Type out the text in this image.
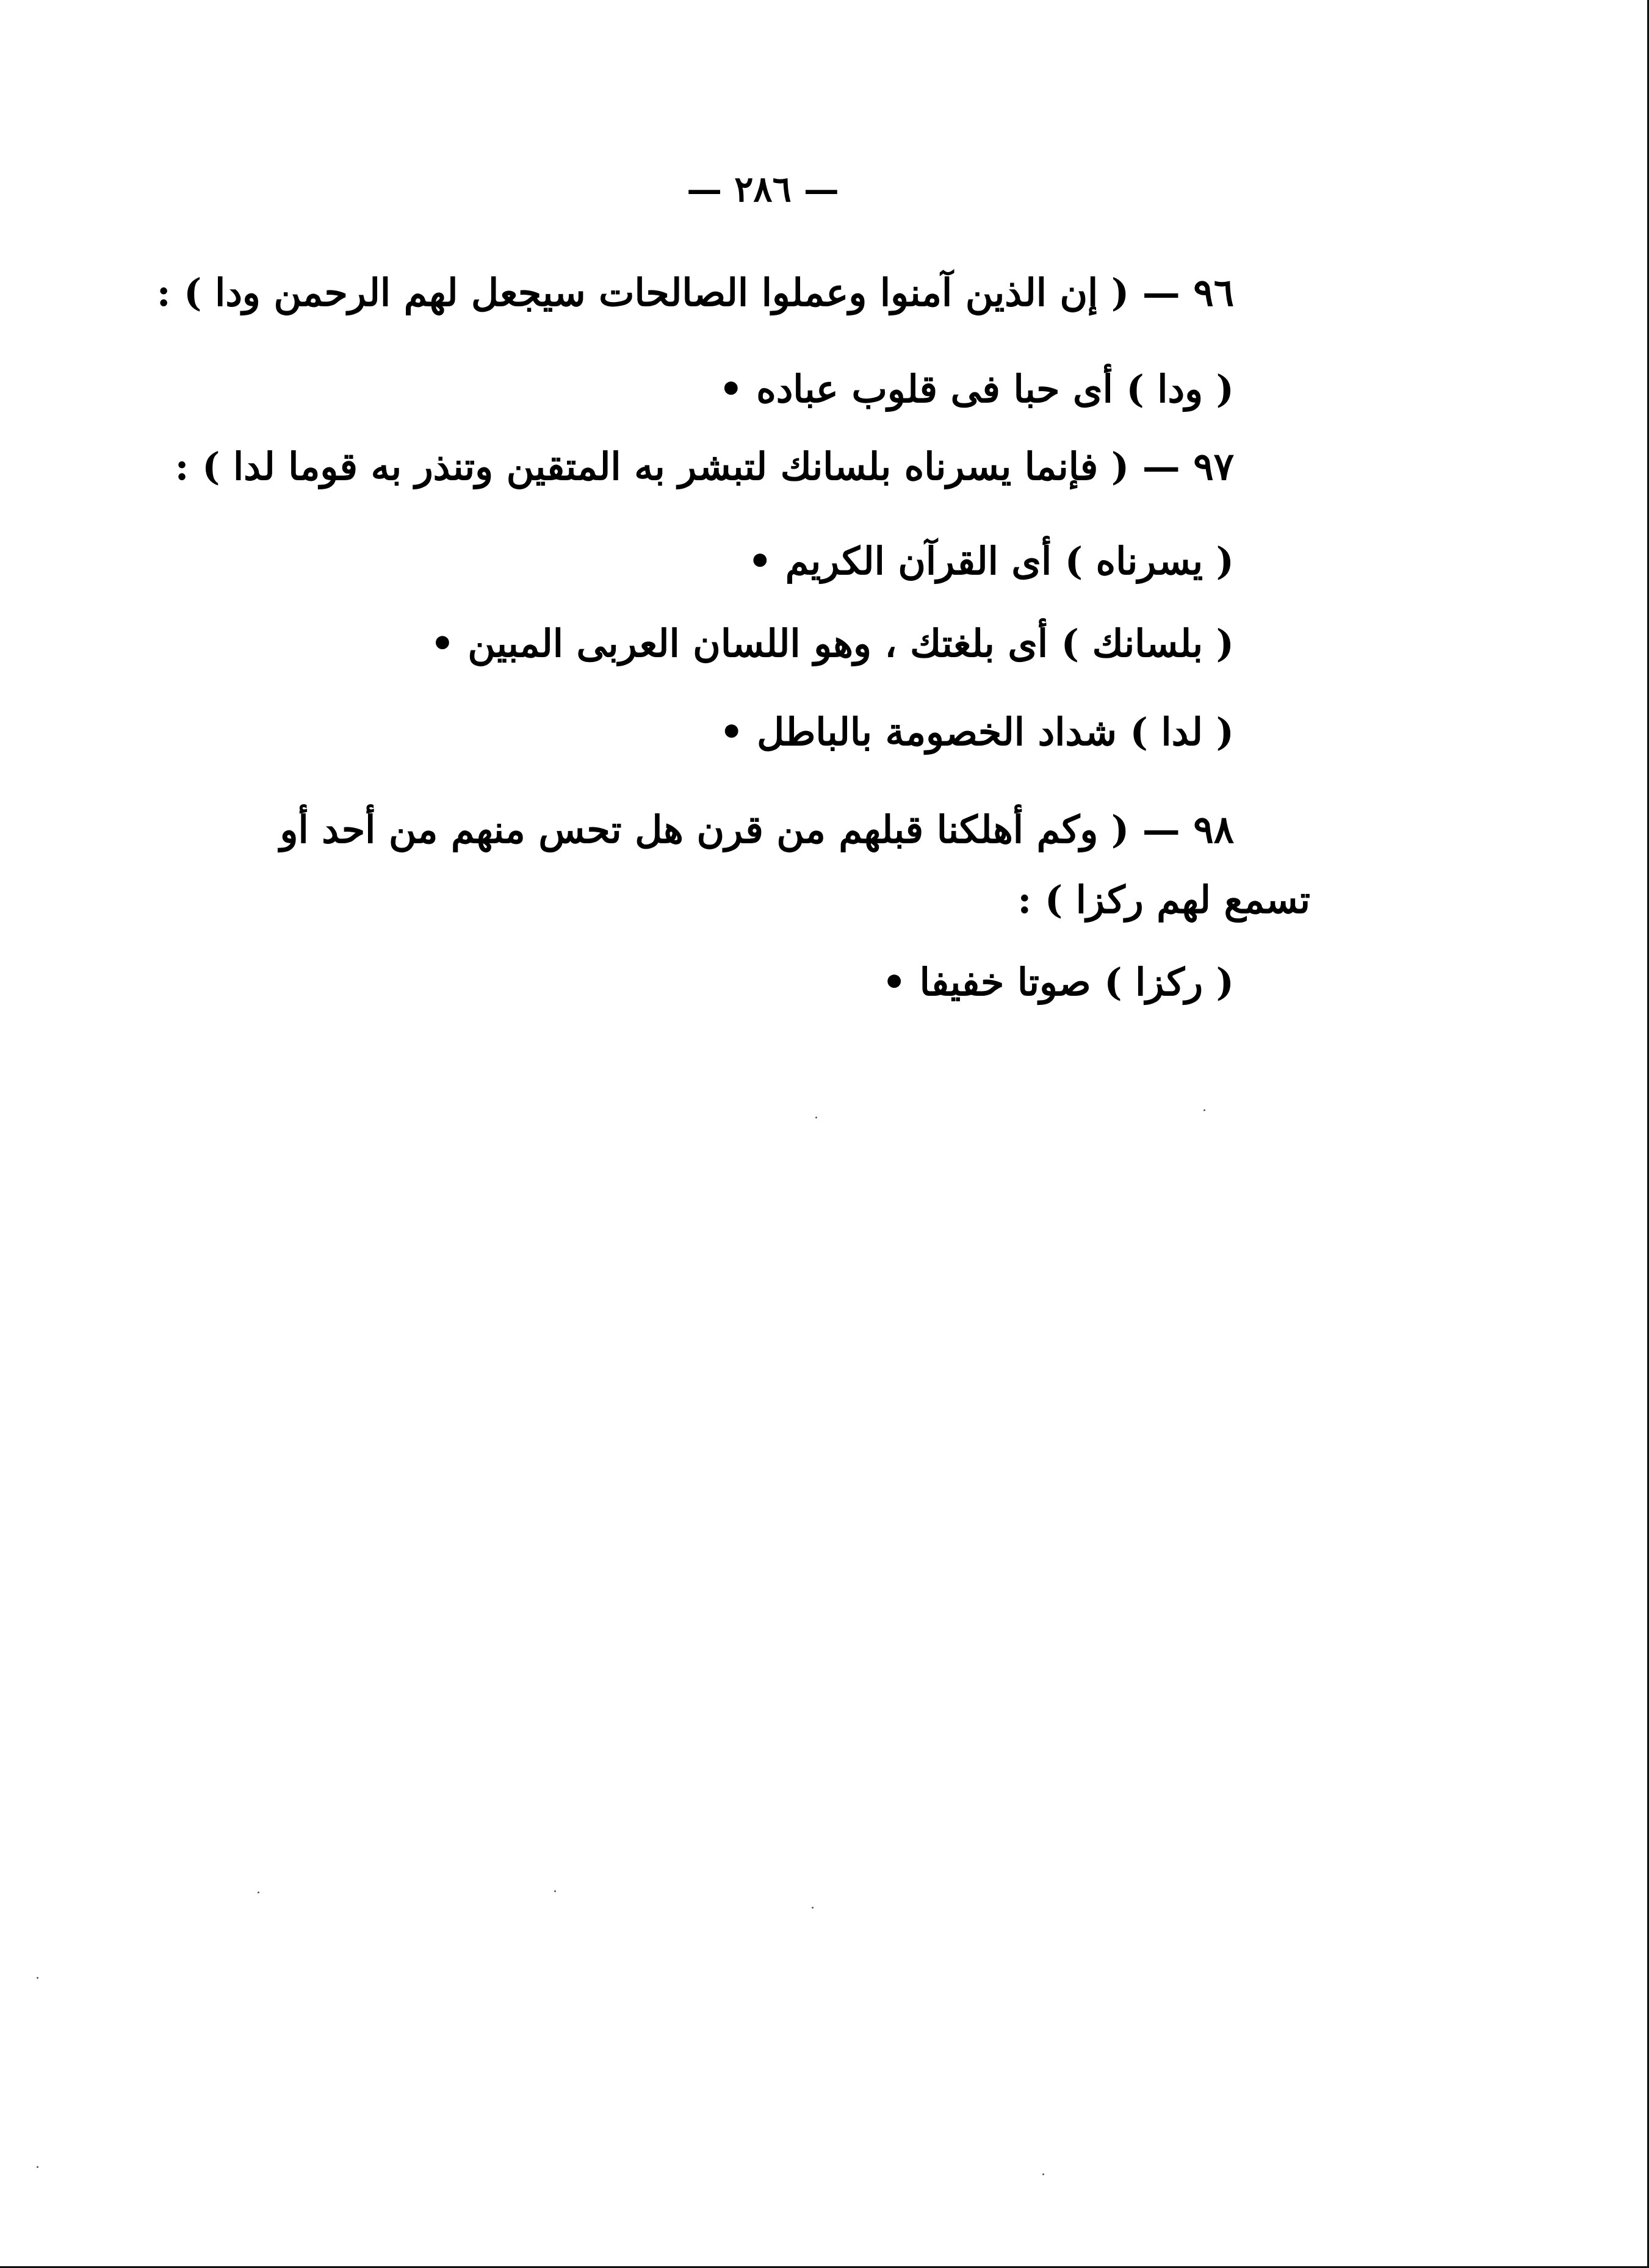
— ٢٨٦ —
٩٦ — ( إن الذين آمنوا وعملوا الصالحات سيجعل لهم الرحمن ودا ) :
( ودا ) أى حبا فى قلوب عباده •
٩٧ — ( فإنما يسرناه بلسانك لتبشر به المتقين وتنذر به قوما لدا ) :
( يسرناه ) أى القرآن الكريم •
( بلسانك ) أى بلغتك ، وهو اللسان العربى المبين •
( لدا ) شداد الخصومة بالباطل •
٩٨ — ( وكم أهلكنا قبلهم من قرن هل تحس منهم من أحد أو
تسمع لهم ركزا ) :
( ركزا ) صوتا خفيفا •
